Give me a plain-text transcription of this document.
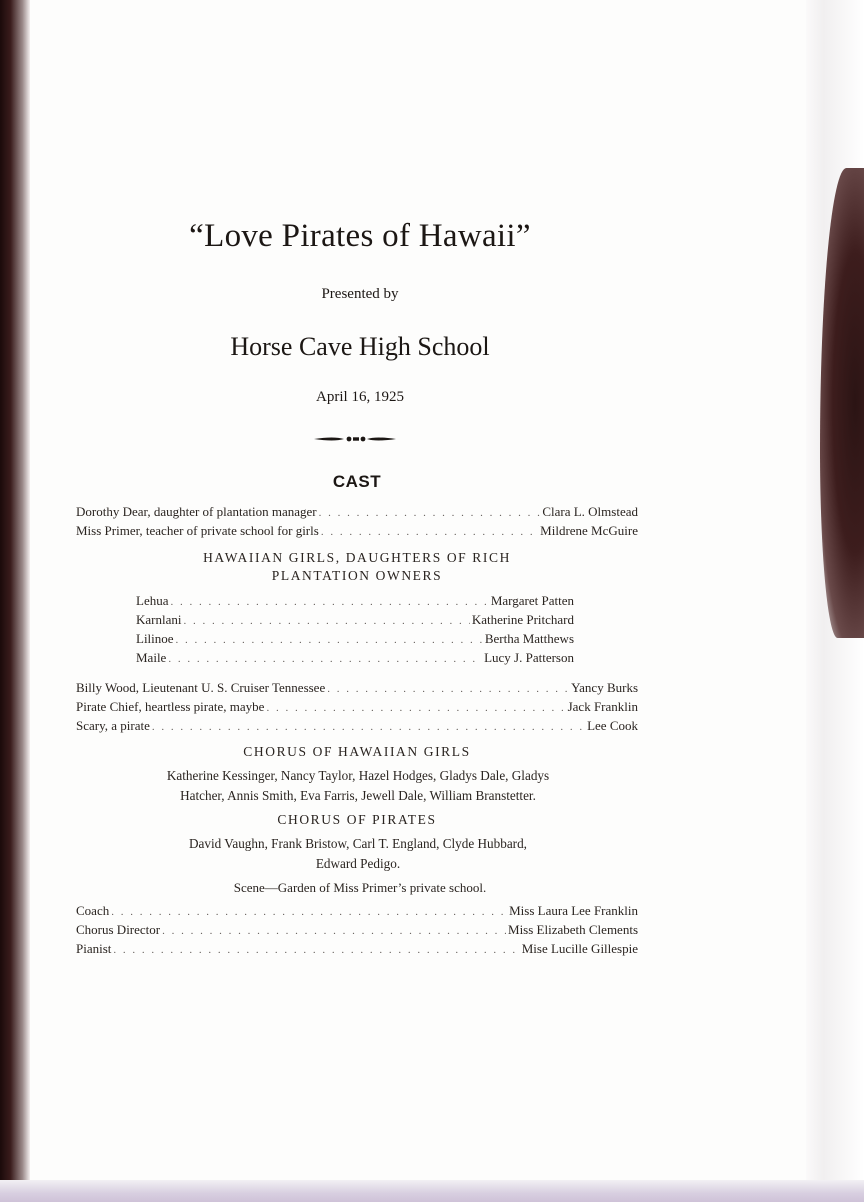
“Love Pirates of Hawaii”
Presented by
Horse Cave High School
April 16, 1925
CAST
Dorothy Dear, daughter of plantation manager . . .	Clara L. Olmstead
Miss Primer, teacher of private school for girls . . .	Mildrene McGuire
HAWAIIAN GIRLS, DAUGHTERS OF RICH
PLANTATION OWNERS
Lehua . . .	Margaret Patten
Karnlani . . .	Katherine Pritchard
Lilinoe . . .	Bertha Matthews
Maile . . .	Lucy J. Patterson
Billy Wood, Lieutenant U. S. Cruiser Tennessee . . .	Yancy Burks
Pirate Chief, heartless pirate, maybe . . .	Jack Franklin
Scary, a pirate . . .	Lee Cook
CHORUS OF HAWAIIAN GIRLS
Katherine Kessinger, Nancy Taylor, Hazel Hodges, Gladys Dale, Gladys
Hatcher, Annis Smith, Eva Farris, Jewell Dale, William Branstetter.
CHORUS OF PIRATES
David Vaughn, Frank Bristow, Carl T. England, Clyde Hubbard,
Edward Pedigo.
Scene—Garden of Miss Primer’s private school.
Coach . . .	Miss Laura Lee Franklin
Chorus Director . . .	Miss Elizabeth Clements
Pianist . . .	Mise Lucille Gillespie
